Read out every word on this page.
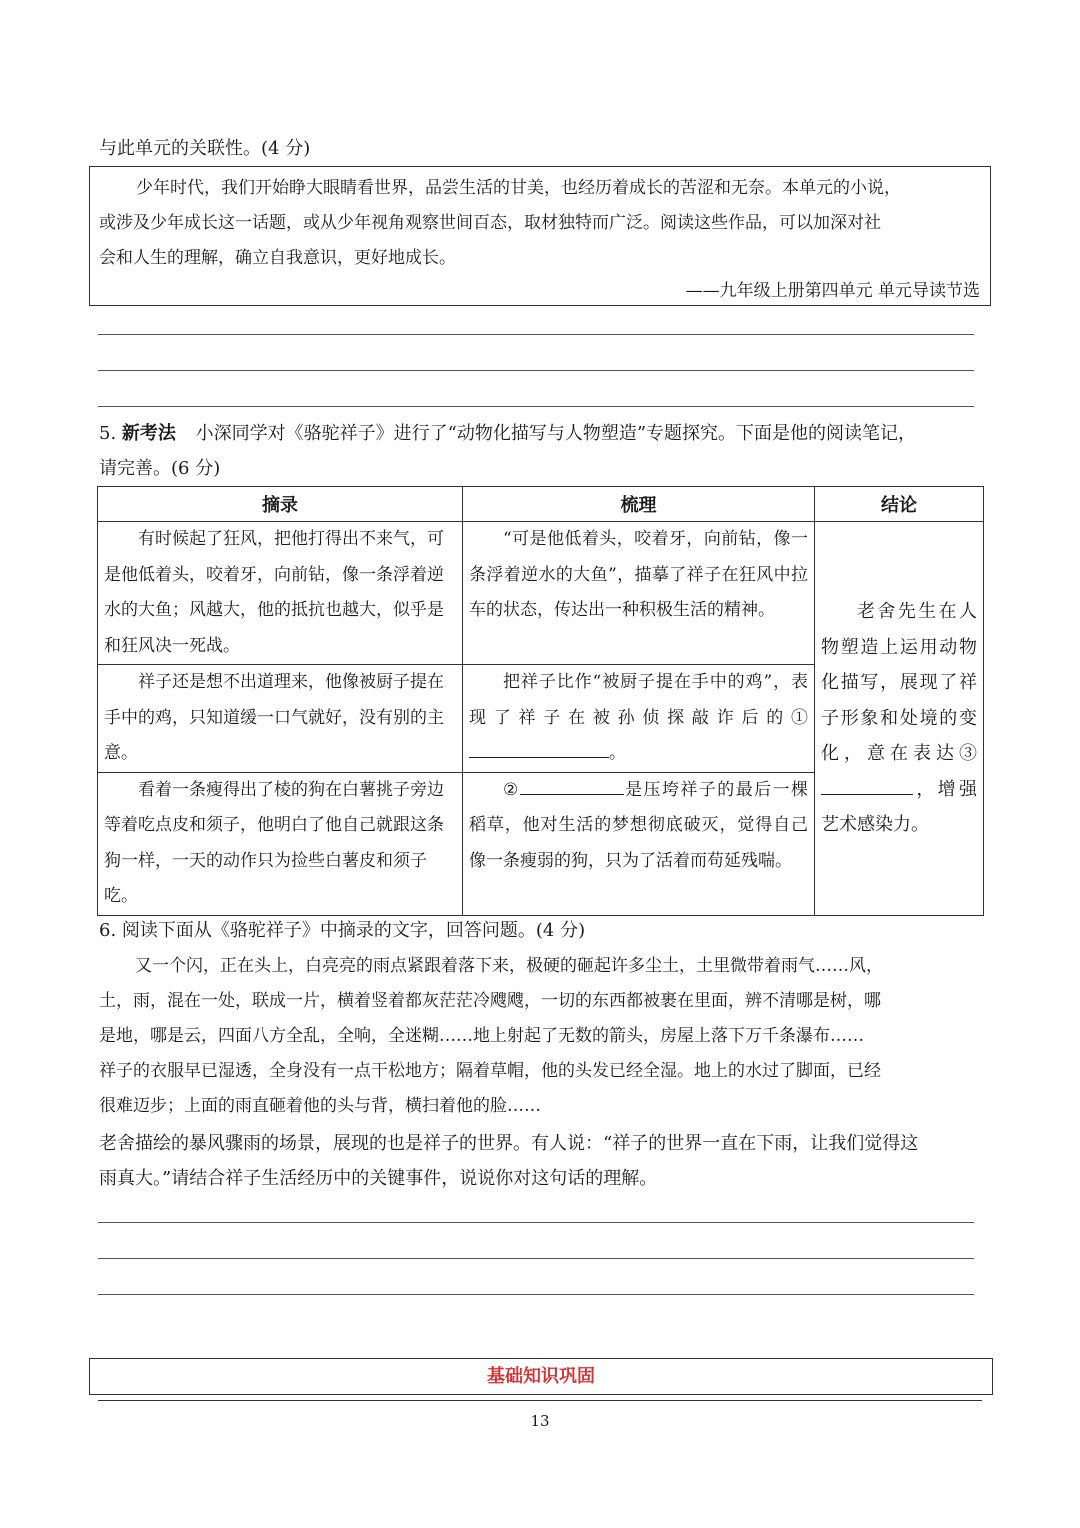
与此单元的关联性。(4 分)
少年时代，我们开始睁大眼睛看世界，品尝生活的甘美，也经历着成长的苦涩和无奈。本单元的小说，
或涉及少年成长这一话题，或从少年视角观察世间百态，取材独特而广泛。阅读这些作品，可以加深对社
会和人生的理解，确立自我意识，更好地成长。
——九年级上册第四单元 单元导读节选
5. 新考法 小深同学对《骆驼祥子》进行了“动物化描写与人物塑造”专题探究。下面是他的阅读笔记，
请完善。(6 分)
摘录	梳理	结论

有时候起了狂风，把他打得出不来气，可是他低着头，咬着牙，向前钻，像一条浮着逆水的大鱼；风越大，他的抵抗也越大，似乎是和狂风决一死战。	“可是他低着头，咬着牙，向前钻，像一条浮着逆水的大鱼”，描摹了祥子在狂风中拉车的状态，传达出一种积极生活的精神。	老舍先生在人物塑造上运用动物化描写，展现了祥子形象和处境的变化，意在表达③，增强艺术感染力。

祥子还是想不出道理来，他像被厨子提在手中的鸡，只知道缓一口气就好，没有别的主意。	把祥子比作“被厨子提在手中的鸡”，表现了祥子在被孙侦探敲诈后的①。	

看着一条瘦得出了棱的狗在白薯挑子旁边等着吃点皮和须子，他明白了他自己就跟这条狗一样，一天的动作只为捡些白薯皮和须子吃。	② 是压垮祥子的最后一棵稻草，他对生活的梦想彻底破灭，觉得自己像一条瘦弱的狗，只为了活着而苟延残喘。	
6. 阅读下面从《骆驼祥子》中摘录的文字，回答问题。(4 分)
又一个闪，正在头上，白亮亮的雨点紧跟着落下来，极硬的砸起许多尘土，土里微带着雨气……风，
土，雨，混在一处，联成一片，横着竖着都灰茫茫冷飕飕，一切的东西都被裹在里面，辨不清哪是树，哪
是地，哪是云，四面八方全乱，全响，全迷糊……地上射起了无数的箭头，房屋上落下万千条瀑布……
祥子的衣服早已湿透，全身没有一点干松地方；隔着草帽，他的头发已经全湿。地上的水过了脚面，已经
很难迈步；上面的雨直砸着他的头与背，横扫着他的脸……
老舍描绘的暴风骤雨的场景，展现的也是祥子的世界。有人说：“祥子的世界一直在下雨，让我们觉得这
雨真大。”请结合祥子生活经历中的关键事件，说说你对这句话的理解。
基础知识巩固
13
